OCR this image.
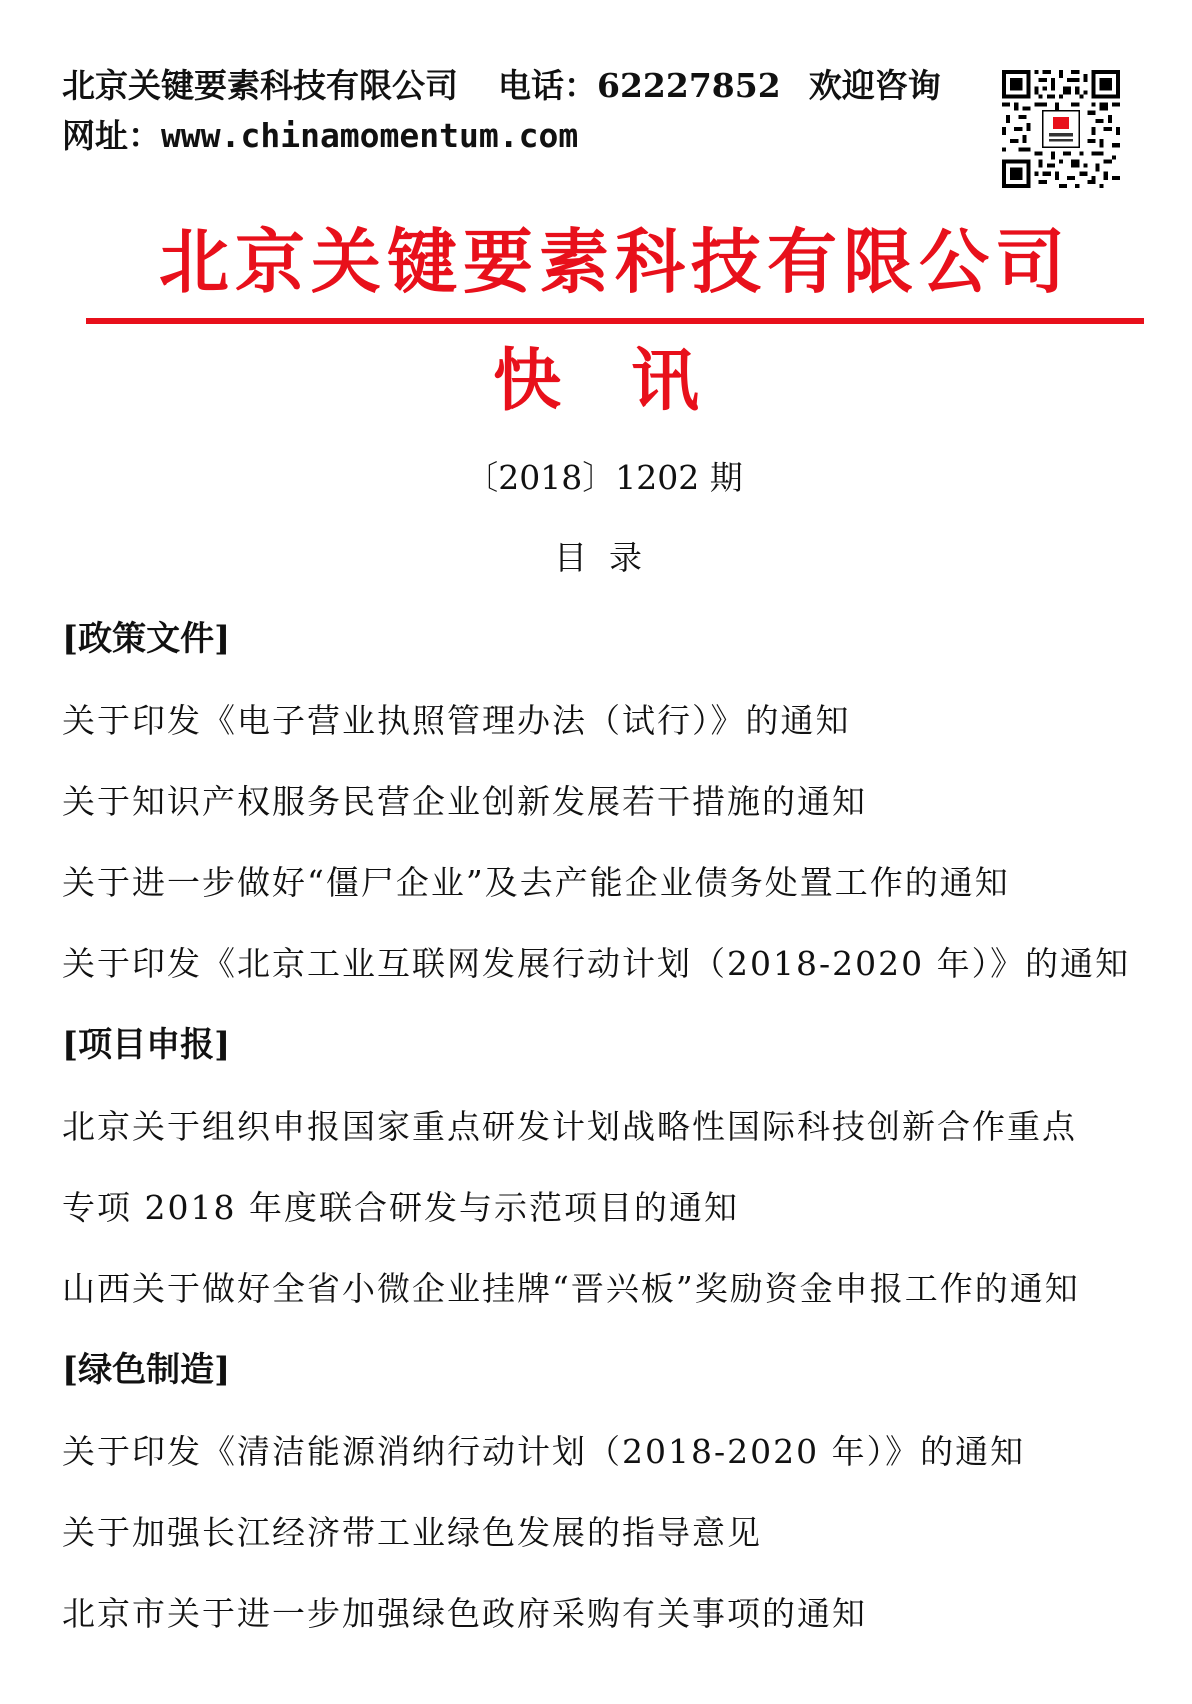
北京关键要素科技有限公司 电话：62227852 欢迎咨询
网址：www.chinamomentum.com
北京关键要素科技有限公司
快讯
〔2018〕1202 期
目录
[政策文件]
关于印发《电子营业执照管理办法（试行）》的通知
关于知识产权服务民营企业创新发展若干措施的通知
关于进一步做好“僵尸企业”及去产能企业债务处置工作的通知
关于印发《北京工业互联网发展行动计划（2018-2020 年）》的通知
[项目申报]
北京关于组织申报国家重点研发计划战略性国际科技创新合作重点
专项 2018 年度联合研发与示范项目的通知
山西关于做好全省小微企业挂牌“晋兴板”奖励资金申报工作的通知
[绿色制造]
关于印发《清洁能源消纳行动计划（2018-2020 年）》的通知
关于加强长江经济带工业绿色发展的指导意见
北京市关于进一步加强绿色政府采购有关事项的通知
